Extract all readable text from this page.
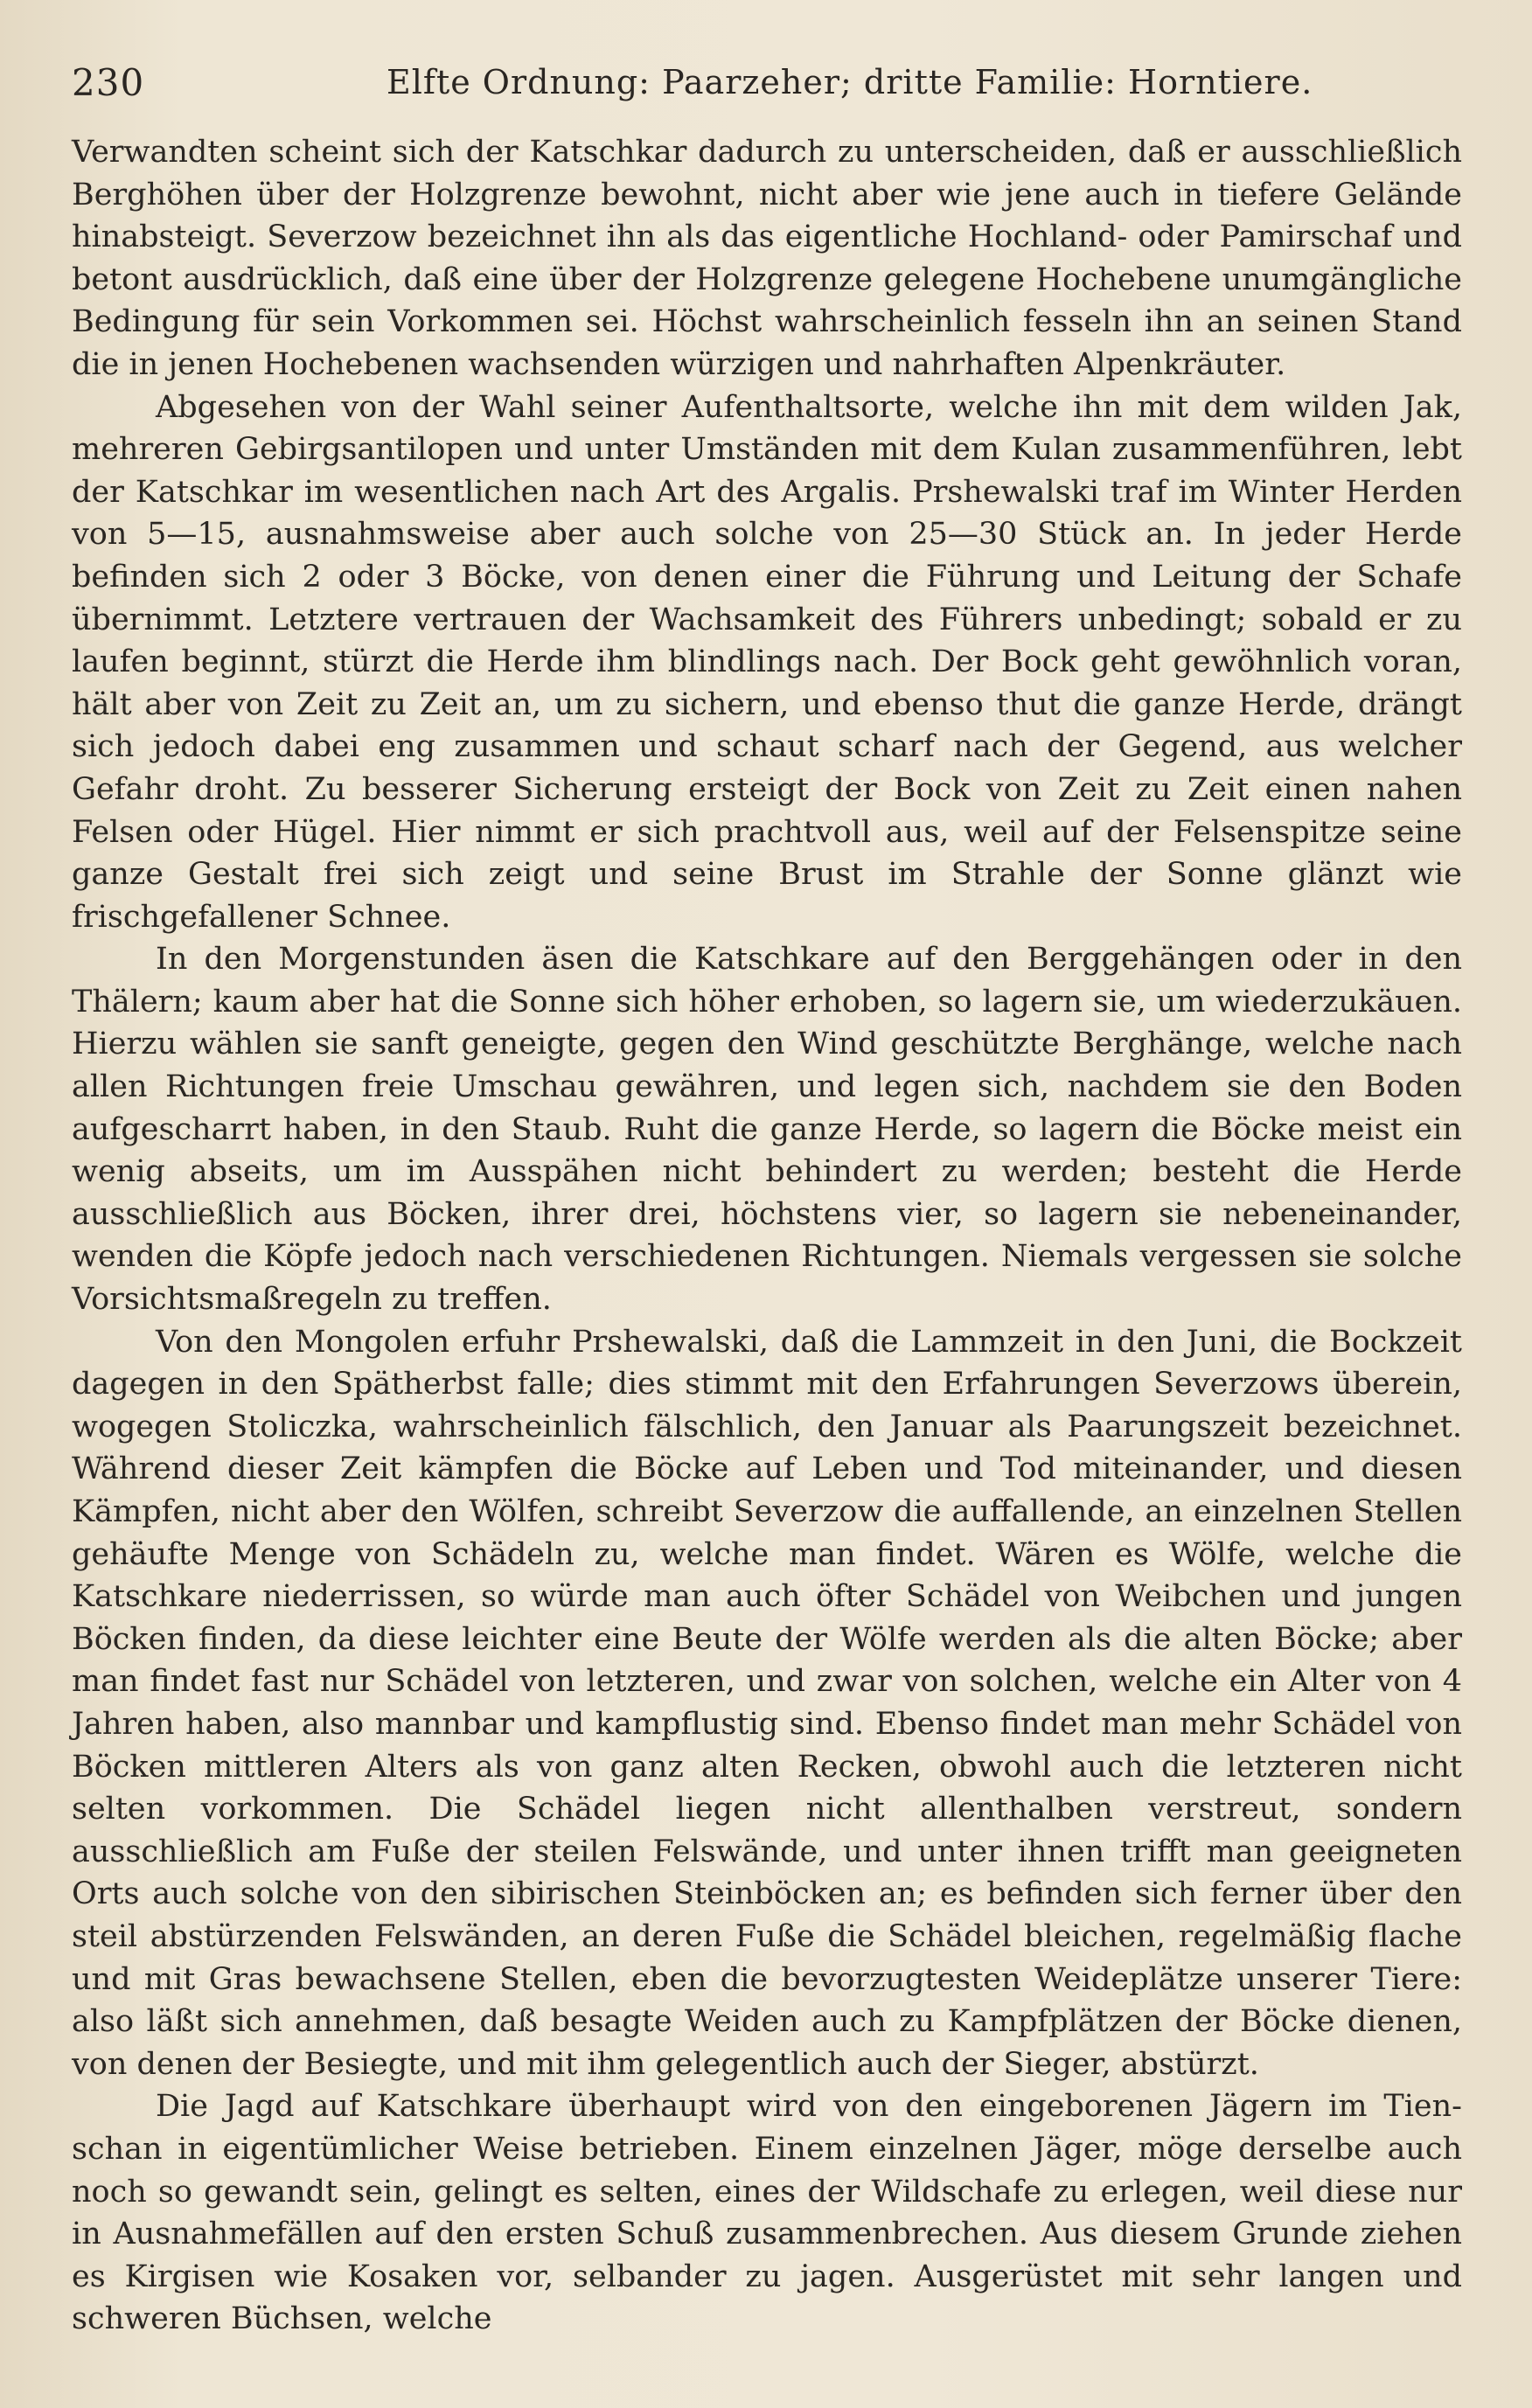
230	Elfte Ordnung: Paarzeher; dritte Familie: Horntiere.

Verwandten scheint sich der Katschkar dadurch zu unterscheiden, daß er ausschließlich Berghöhen über der Holzgrenze bewohnt, nicht aber wie jene auch in tiefere Gelände hinabsteigt. Severzow bezeichnet ihn als das eigentliche Hochland- oder Pamirschaf und betont ausdrücklich, daß eine über der Holzgrenze gelegene Hochebene unumgängliche Bedingung für sein Vorkommen sei. Höchst wahrscheinlich fesseln ihn an seinen Stand die in jenen Hochebenen wachsenden würzigen und nahrhaften Alpenkräuter.

Abgesehen von der Wahl seiner Aufenthaltsorte, welche ihn mit dem wilden Jak, mehreren Gebirgsantilopen und unter Umständen mit dem Kulan zusammenführen, lebt der Katschkar im wesentlichen nach Art des Argalis. Prshewalski traf im Winter Herden von 5—15, ausnahmsweise aber auch solche von 25—30 Stück an. In jeder Herde befinden sich 2 oder 3 Böcke, von denen einer die Führung und Leitung der Schafe übernimmt. Letztere vertrauen der Wachsamkeit des Führers unbedingt; sobald er zu laufen beginnt, stürzt die Herde ihm blindlings nach. Der Bock geht gewöhnlich voran, hält aber von Zeit zu Zeit an, um zu sichern, und ebenso thut die ganze Herde, drängt sich jedoch dabei eng zusammen und schaut scharf nach der Gegend, aus welcher Gefahr droht. Zu besserer Sicherung ersteigt der Bock von Zeit zu Zeit einen nahen Felsen oder Hügel. Hier nimmt er sich prachtvoll aus, weil auf der Felsenspitze seine ganze Gestalt frei sich zeigt und seine Brust im Strahle der Sonne glänzt wie frischgefallener Schnee.

In den Morgenstunden äsen die Katschkare auf den Berggehängen oder in den Thälern; kaum aber hat die Sonne sich höher erhoben, so lagern sie, um wiederzukäuen. Hierzu wählen sie sanft geneigte, gegen den Wind geschützte Berghänge, welche nach allen Richtungen freie Umschau gewähren, und legen sich, nachdem sie den Boden aufgescharrt haben, in den Staub. Ruht die ganze Herde, so lagern die Böcke meist ein wenig abseits, um im Ausspähen nicht behindert zu werden; besteht die Herde ausschließlich aus Böcken, ihrer drei, höchstens vier, so lagern sie nebeneinander, wenden die Köpfe jedoch nach verschiedenen Richtungen. Niemals vergessen sie solche Vorsichtsmaßregeln zu treffen.

Von den Mongolen erfuhr Prshewalski, daß die Lammzeit in den Juni, die Bockzeit dagegen in den Spätherbst falle; dies stimmt mit den Erfahrungen Severzows überein, wogegen Stoliczka, wahrscheinlich fälschlich, den Januar als Paarungszeit bezeichnet. Während dieser Zeit kämpfen die Böcke auf Leben und Tod miteinander, und diesen Kämpfen, nicht aber den Wölfen, schreibt Severzow die auffallende, an einzelnen Stellen gehäufte Menge von Schädeln zu, welche man findet. Wären es Wölfe, welche die Katschkare niederrissen, so würde man auch öfter Schädel von Weibchen und jungen Böcken finden, da diese leichter eine Beute der Wölfe werden als die alten Böcke; aber man findet fast nur Schädel von letzteren, und zwar von solchen, welche ein Alter von 4 Jahren haben, also mannbar und kampflustig sind. Ebenso findet man mehr Schädel von Böcken mittleren Alters als von ganz alten Recken, obwohl auch die letzteren nicht selten vorkommen. Die Schädel liegen nicht allenthalben verstreut, sondern ausschließlich am Fuße der steilen Felswände, und unter ihnen trifft man geeigneten Orts auch solche von den sibirischen Steinböcken an; es befinden sich ferner über den steil abstürzenden Felswänden, an deren Fuße die Schädel bleichen, regelmäßig flache und mit Gras bewachsene Stellen, eben die bevorzugtesten Weideplätze unserer Tiere: also läßt sich annehmen, daß besagte Weiden auch zu Kampfplätzen der Böcke dienen, von denen der Besiegte, und mit ihm gelegentlich auch der Sieger, abstürzt.

Die Jagd auf Katschkare überhaupt wird von den eingeborenen Jägern im Tien-schan in eigentümlicher Weise betrieben. Einem einzelnen Jäger, möge derselbe auch noch so gewandt sein, gelingt es selten, eines der Wildschafe zu erlegen, weil diese nur in Ausnahmefällen auf den ersten Schuß zusammenbrechen. Aus diesem Grunde ziehen es Kirgisen wie Kosaken vor, selbander zu jagen. Ausgerüstet mit sehr langen und schweren Büchsen, welche
